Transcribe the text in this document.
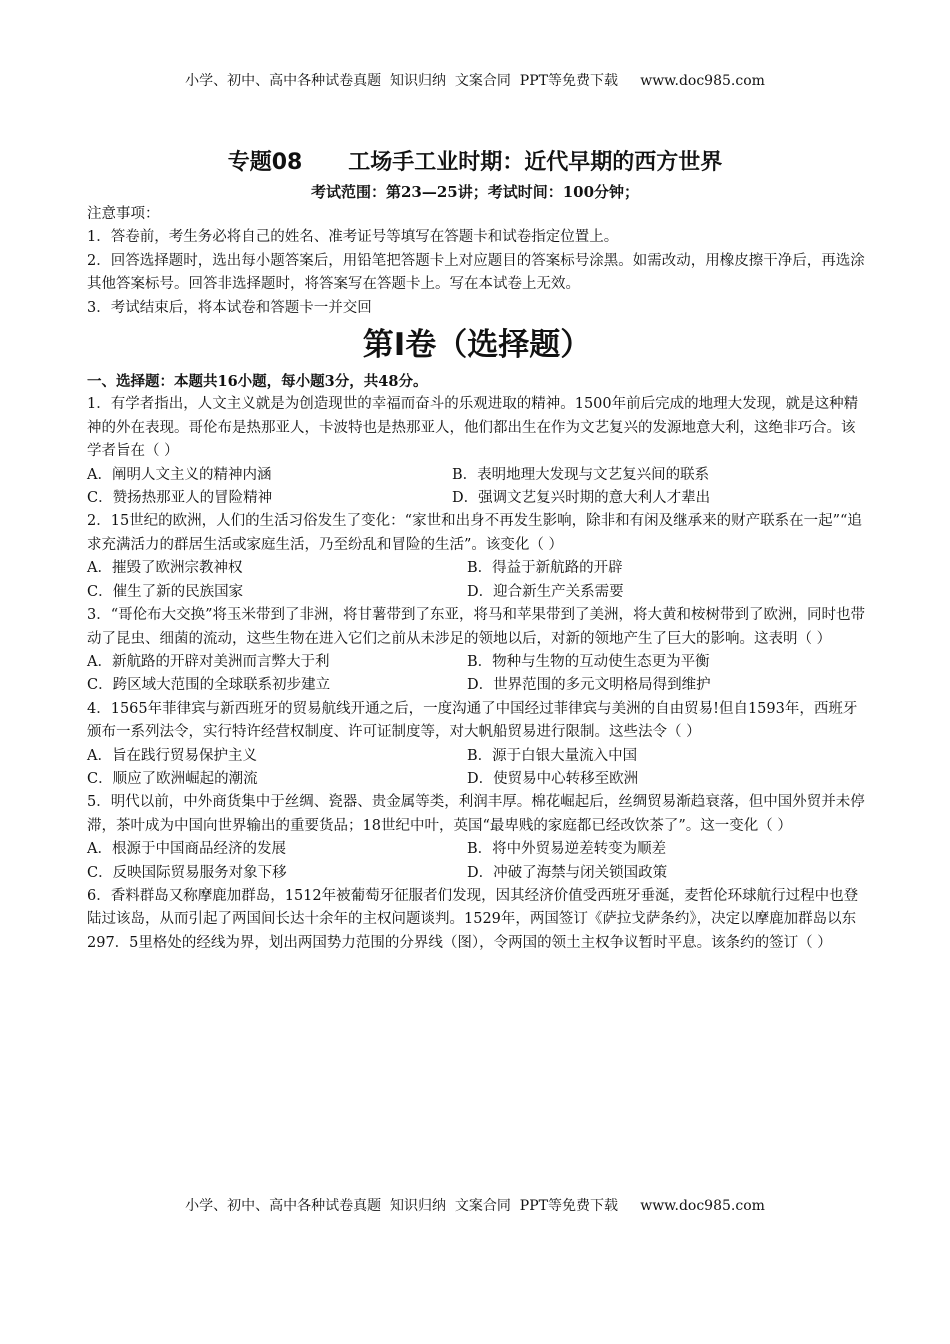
小学、初中、高中各种试卷真题  知识归纳  文案合同  PPT等免费下载     www.doc985.com
专题08      工场手工业时期：近代早期的西方世界
考试范围：第23—25讲；考试时间：100分钟；

注意事项：

1．答卷前，考生务必将自己的姓名、准考证号等填写在答题卡和试卷指定位置上。

2．回答选择题时，选出每小题答案后，用铅笔把答题卡上对应题目的答案标号涂黑。如需改动，用橡皮擦干净后，再选涂其他答案标号。回答非选择题时，将答案写在答题卡上。写在本试卷上无效。

3．考试结束后，将本试卷和答题卡一并交回

第I卷（选择题）

一、选择题：本题共16小题，每小题3分，共48分。

1．有学者指出，人文主义就是为创造现世的幸福而奋斗的乐观进取的精神。1500年前后完成的地理大发现，就是这种精神的外在表现。哥伦布是热那亚人，卡波特也是热那亚人，他们都出生在作为文艺复兴的发源地意大利，这绝非巧合。该学者旨在（ ）

A．阐明人文主义的精神内涵	B．表明地理大发现与文艺复兴间的联系

C．赞扬热那亚人的冒险精神	D．强调文艺复兴时期的意大利人才辈出

2．15世纪的欧洲，人们的生活习俗发生了变化：“家世和出身不再发生影响，除非和有闲及继承来的财产联系在一起”“追求充满活力的群居生活或家庭生活，乃至纷乱和冒险的生活”。该变化（ ）

A．摧毁了欧洲宗教神权	B．得益于新航路的开辟

C．催生了新的民族国家	D．迎合新生产关系需要

3．“哥伦布大交换”将玉米带到了非洲，将甘薯带到了东亚，将马和苹果带到了美洲，将大黄和桉树带到了欧洲，同时也带动了昆虫、细菌的流动，这些生物在进入它们之前从未涉足的领地以后，对新的领地产生了巨大的影响。这表明（ ）

A．新航路的开辟对美洲而言弊大于利	B．物种与生物的互动使生态更为平衡

C．跨区域大范围的全球联系初步建立	D．世界范围的多元文明格局得到维护

4．1565年菲律宾与新西班牙的贸易航线开通之后，一度沟通了中国经过菲律宾与美洲的自由贸易!但自1593年，西班牙颁布一系列法令，实行特许经营权制度、许可证制度等，对大帆船贸易进行限制。这些法令（ ）

A．旨在践行贸易保护主义	B．源于白银大量流入中国

C．顺应了欧洲崛起的潮流	D．使贸易中心转移至欧洲

5．明代以前，中外商货集中于丝绸、瓷器、贵金属等类，利润丰厚。棉花崛起后，丝绸贸易渐趋衰落，但中国外贸并未停滞，茶叶成为中国向世界输出的重要货品；18世纪中叶，英国“最卑贱的家庭都已经改饮茶了”。这一变化（ ）

A．根源于中国商品经济的发展	B．将中外贸易逆差转变为顺差

C．反映国际贸易服务对象下移	D．冲破了海禁与闭关锁国政策

6．香料群岛又称摩鹿加群岛，1512年被葡萄牙征服者们发现，因其经济价值受西班牙垂涎，麦哲伦环球航行过程中也登陆过该岛，从而引起了两国间长达十余年的主权问题谈判。1529年，两国签订《萨拉戈萨条约》，决定以摩鹿加群岛以东297．5里格处的经线为界，划出两国势力范围的分界线（图），令两国的领土主权争议暂时平息。该条约的签订（ ）

小学、初中、高中各种试卷真题  知识归纳  文案合同  PPT等免费下载     www.doc985.com
